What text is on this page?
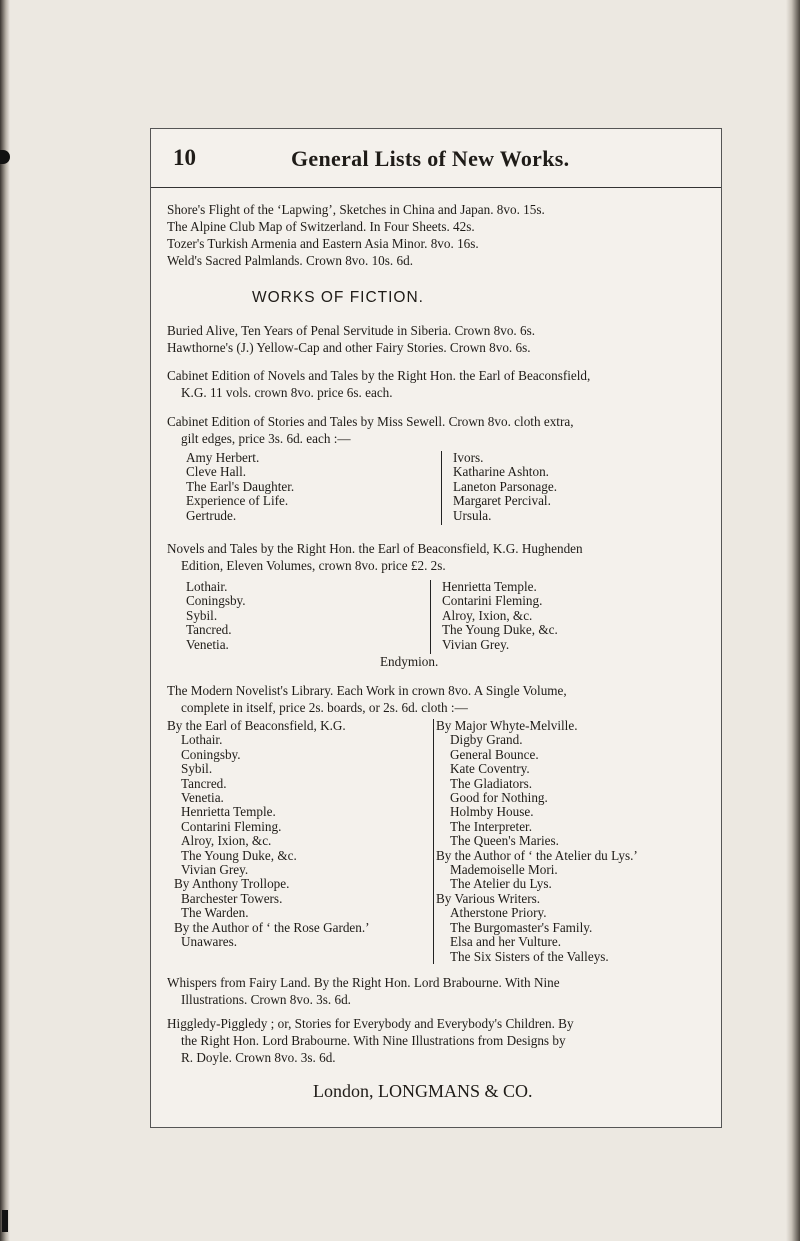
10	General Lists of New Works.
Shore's Flight of the ‘Lapwing’, Sketches in China and Japan. 8vo. 15s.
The Alpine Club Map of Switzerland. In Four Sheets. 42s.
Tozer's Turkish Armenia and Eastern Asia Minor. 8vo. 16s.
Weld's Sacred Palmlands. Crown 8vo. 10s. 6d.
WORKS OF FICTION.
Buried Alive, Ten Years of Penal Servitude in Siberia. Crown 8vo. 6s.
Hawthorne's (J.) Yellow-Cap and other Fairy Stories. Crown 8vo. 6s.
Cabinet Edition of Novels and Tales by the Right Hon. the Earl of Beaconsfield,
K.G. 11 vols. crown 8vo. price 6s. each.
Cabinet Edition of Stories and Tales by Miss Sewell. Crown 8vo. cloth extra,
gilt edges, price 3s. 6d. each :—
Amy Herbert.
Cleve Hall.
The Earl's Daughter.
Experience of Life.
Gertrude.
Ivors.
Katharine Ashton.
Laneton Parsonage.
Margaret Percival.
Ursula.
Novels and Tales by the Right Hon. the Earl of Beaconsfield, K.G. Hughenden
Edition, Eleven Volumes, crown 8vo. price £2. 2s.
Lothair.
Coningsby.
Sybil.
Tancred.
Venetia.
Henrietta Temple.
Contarini Fleming.
Alroy, Ixion, &c.
The Young Duke, &c.
Vivian Grey.
Endymion.
The Modern Novelist's Library. Each Work in crown 8vo. A Single Volume,
complete in itself, price 2s. boards, or 2s. 6d. cloth :—
By the Earl of Beaconsfield, K.G.
Lothair.
Coningsby.
Sybil.
Tancred.
Venetia.
Henrietta Temple.
Contarini Fleming.
Alroy, Ixion, &c.
The Young Duke, &c.
Vivian Grey.
By Anthony Trollope.
Barchester Towers.
The Warden.
By the Author of ‘ the Rose Garden.’
Unawares.
By Major Whyte-Melville.
Digby Grand.
General Bounce.
Kate Coventry.
The Gladiators.
Good for Nothing.
Holmby House.
The Interpreter.
The Queen's Maries.
By the Author of ‘ the Atelier du Lys.’
Mademoiselle Mori.
The Atelier du Lys.
By Various Writers.
Atherstone Priory.
The Burgomaster's Family.
Elsa and her Vulture.
The Six Sisters of the Valleys.
Whispers from Fairy Land. By the Right Hon. Lord Brabourne. With Nine
Illustrations. Crown 8vo. 3s. 6d.
Higgledy-Piggledy ; or, Stories for Everybody and Everybody's Children. By
the Right Hon. Lord Brabourne. With Nine Illustrations from Designs by
R. Doyle. Crown 8vo. 3s. 6d.
London, LONGMANS & CO.
